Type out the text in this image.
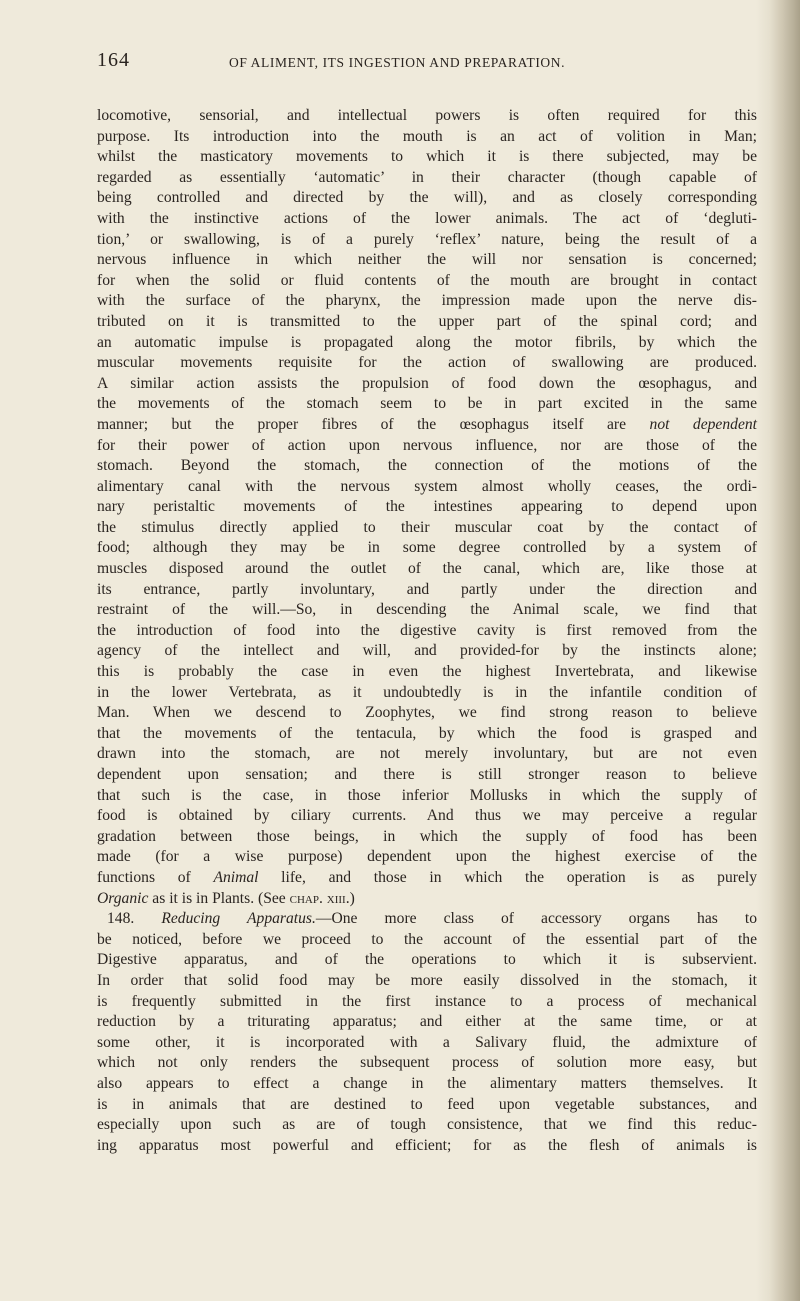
164	OF ALIMENT, ITS INGESTION AND PREPARATION.
locomotive, sensorial, and intellectual powers is often required for this
purpose. Its introduction into the mouth is an act of volition in Man;
whilst the masticatory movements to which it is there subjected, may be
regarded as essentially ‘automatic’ in their character (though capable of
being controlled and directed by the will), and as closely corresponding
with the instinctive actions of the lower animals. The act of ‘degluti-
tion,’ or swallowing, is of a purely ‘reflex’ nature, being the result of a
nervous influence in which neither the will nor sensation is concerned;
for when the solid or fluid contents of the mouth are brought in contact
with the surface of the pharynx, the impression made upon the nerve dis-
tributed on it is transmitted to the upper part of the spinal cord; and
an automatic impulse is propagated along the motor fibrils, by which the
muscular movements requisite for the action of swallowing are produced.
A similar action assists the propulsion of food down the œsophagus, and
the movements of the stomach seem to be in part excited in the same
manner; but the proper fibres of the œsophagus itself are not dependent
for their power of action upon nervous influence, nor are those of the
stomach. Beyond the stomach, the connection of the motions of the
alimentary canal with the nervous system almost wholly ceases, the ordi-
nary peristaltic movements of the intestines appearing to depend upon
the stimulus directly applied to their muscular coat by the contact of
food; although they may be in some degree controlled by a system of
muscles disposed around the outlet of the canal, which are, like those at
its entrance, partly involuntary, and partly under the direction and
restraint of the will.—So, in descending the Animal scale, we find that
the introduction of food into the digestive cavity is first removed from the
agency of the intellect and will, and provided-for by the instincts alone;
this is probably the case in even the highest Invertebrata, and likewise
in the lower Vertebrata, as it undoubtedly is in the infantile condition of
Man. When we descend to Zoophytes, we find strong reason to believe
that the movements of the tentacula, by which the food is grasped and
drawn into the stomach, are not merely involuntary, but are not even
dependent upon sensation; and there is still stronger reason to believe
that such is the case, in those inferior Mollusks in which the supply of
food is obtained by ciliary currents. And thus we may perceive a regular
gradation between those beings, in which the supply of food has been
made (for a wise purpose) dependent upon the highest exercise of the
functions of Animal life, and those in which the operation is as purely
Organic as it is in Plants. (See chap. xiii.)
148. Reducing Apparatus.—One more class of accessory organs has to
be noticed, before we proceed to the account of the essential part of the
Digestive apparatus, and of the operations to which it is subservient.
In order that solid food may be more easily dissolved in the stomach, it
is frequently submitted in the first instance to a process of mechanical
reduction by a triturating apparatus; and either at the same time, or at
some other, it is incorporated with a Salivary fluid, the admixture of
which not only renders the subsequent process of solution more easy, but
also appears to effect a change in the alimentary matters themselves. It
is in animals that are destined to feed upon vegetable substances, and
especially upon such as are of tough consistence, that we find this reduc-
ing apparatus most powerful and efficient; for as the flesh of animals is
